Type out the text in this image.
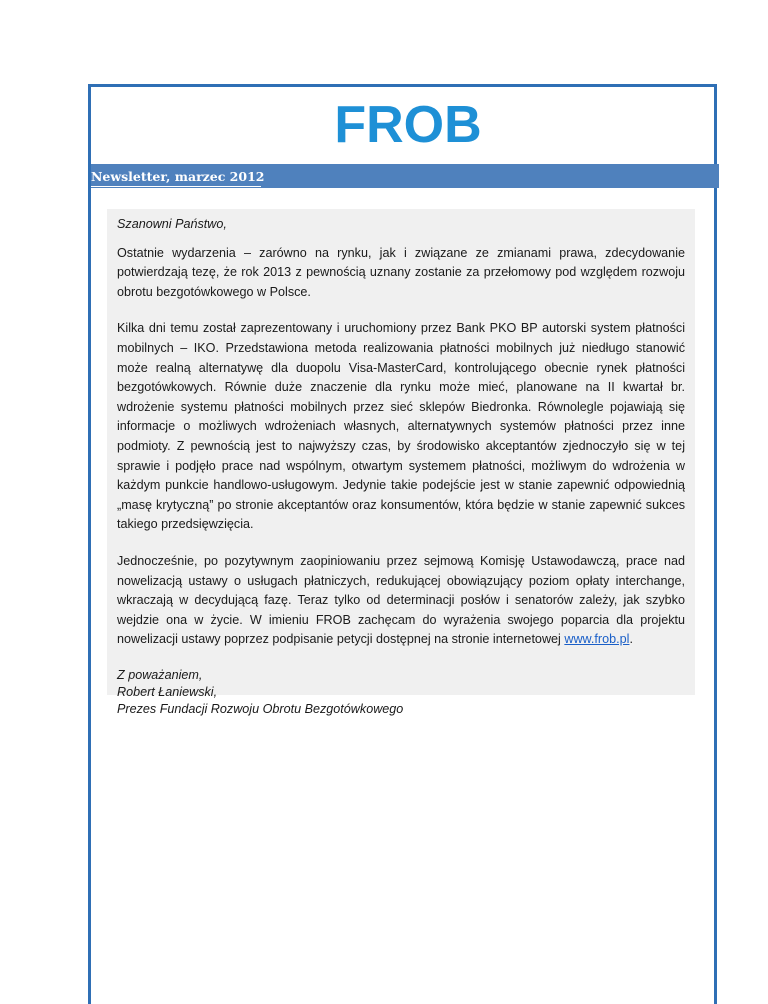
FROB
Newsletter, marzec 2012

Szanowni Państwo,

Ostatnie wydarzenia – zarówno na rynku, jak i związane ze zmianami prawa, zdecydowanie potwierdzają tezę, że rok 2013 z pewnością uznany zostanie za przełomowy pod względem rozwoju obrotu bezgotówkowego w Polsce.

Kilka dni temu został zaprezentowany i uruchomiony przez Bank PKO BP autorski system płatności mobilnych – IKO. Przedstawiona metoda realizowania płatności mobilnych już niedługo stanowić może realną alternatywę dla duopolu Visa-MasterCard, kontrolującego obecnie rynek płatności bezgotówkowych. Równie duże znaczenie dla rynku może mieć, planowane na II kwartał br. wdrożenie systemu płatności mobilnych przez sieć sklepów Biedronka. Równolegle pojawiają się informacje o możliwych wdrożeniach własnych, alternatywnych systemów płatności przez inne podmioty. Z pewnością jest to najwyższy czas, by środowisko akceptantów zjednoczyło się w tej sprawie i podjęło prace nad wspólnym, otwartym systemem płatności, możliwym do wdrożenia w każdym punkcie handlowo-usługowym. Jedynie takie podejście jest w stanie zapewnić odpowiednią „masę krytyczną” po stronie akceptantów oraz konsumentów, która będzie w stanie zapewnić sukces takiego przedsięwzięcia.

Jednocześnie, po pozytywnym zaopiniowaniu przez sejmową Komisję Ustawodawczą, prace nad nowelizacją ustawy o usługach płatniczych, redukującej obowiązujący poziom opłaty interchange, wkraczają w decydującą fazę. Teraz tylko od determinacji posłów i senatorów zależy, jak szybko wejdzie ona w życie. W imieniu FROB zachęcam do wyrażenia swojego poparcia dla projektu nowelizacji ustawy poprzez podpisanie petycji dostępnej na stronie internetowej www.frob.pl.

Z poważaniem,

Robert Łaniewski,

Prezes Fundacji Rozwoju Obrotu Bezgotówkowego
